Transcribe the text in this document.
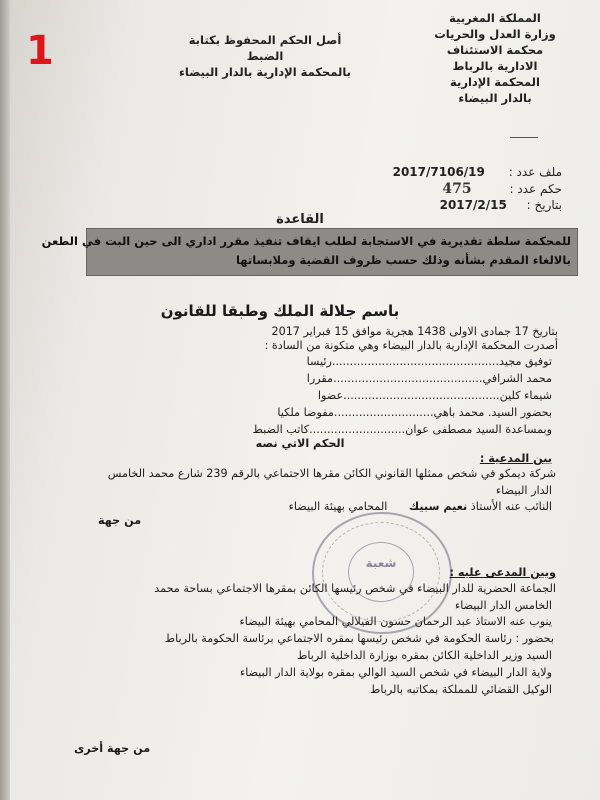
1
المملكة المغربية
وزارة العدل والحريات
محكمة الاستئناف
الادارية بالرباط
المحكمة الإدارية
بالدار البيضاء
أصل الحكم المحفوظ بكتابة الضبط
بالمحكمة الإدارية بالدار البيضاء
ملف عدد : 2017/7106/19
حكم عدد : 475
بتاريخ : 2017/2/15
القاعدة
للمحكمة سلطة تقديرية في الاستجابة لطلب ايقاف تنفيذ مقرر اداري الى حين البت في الطعن
بالالغاء المقدم بشأنه وذلك حسب ظروف القضية وملابساتها
باسم جلالة الملك وطبقا للقانون
بتاريخ 17 جمادى الاولى 1438 هجرية موافق 15 فبراير 2017
أصدرت المحكمة الإدارية بالدار البيضاء وهي متكونة من السادة :
توفيق مجيد...............................................رئيسا
محمد الشرافي..........................................مقررا
شيماء كلين............................................عضوا
بحضور السيد. محمد باهي............................مفوضا ملكيا
وبمساعدة السيد مصطفى عوان...........................كاتب الضبط
الحكم الاتي نصه
بين المدعية :
شركة ديمكو في شخص ممثلها القانوني الكائن مقرها الاجتماعي بالرقم 239 شارع محمد الخامس
الدار البيضاء
النائب عنه الأستاذ نعيم سبيك المحامي بهيئة البيضاء
من جهة
شعبة
وبين المدعى عليه :
الجماعة الحضرية للدار البيضاء في شخص رئيسها الكائن بمقرها الاجتماعي بساحة محمد
الخامس الدار البيضاء
ينوب عنه الاستاذ عبد الرحمان حسون الفيلالي المحامي بهيئة البيضاء
بحضور : رئاسة الحكومة في شخص رئيسها بمقره الاجتماعي برئاسة الحكومة بالرباط
السيد وزير الداخلية الكائن بمقره بوزارة الداخلية الرباط
ولاية الدار البيضاء في شخص السيد الوالي بمقره بولاية الدار البيضاء
الوكيل القضائي للمملكة بمكاتبه بالرباط
من جهة أخرى
